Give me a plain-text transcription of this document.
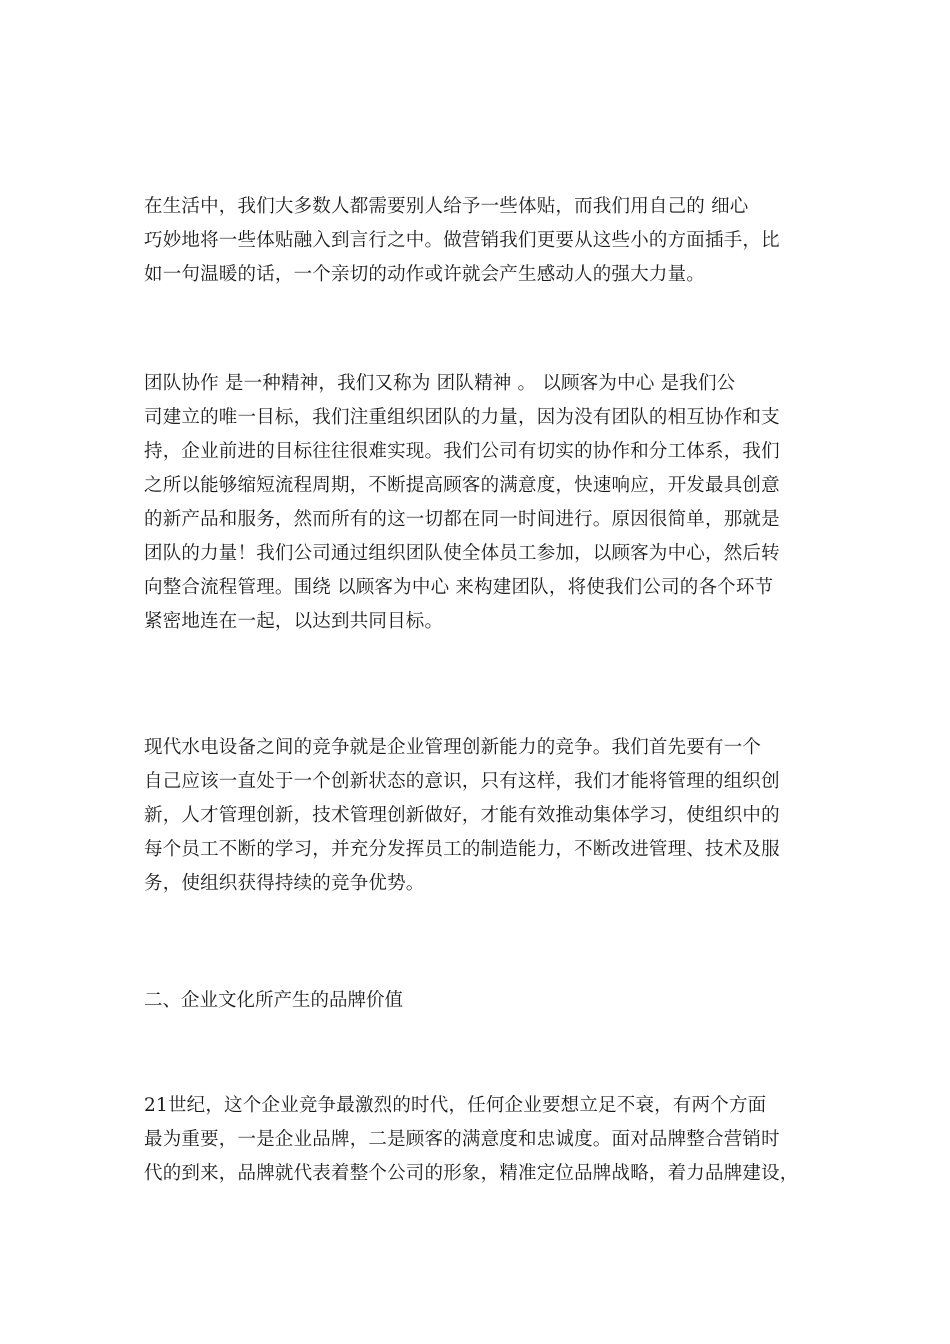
在生活中，我们大多数人都需要别人给予一些体贴，而我们用自己的 细心
巧妙地将一些体贴融入到言行之中。做营销我们更要从这些小的方面插手，比
如一句温暖的话，一个亲切的动作或许就会产生感动人的强大力量。
团队协作 是一种精神，我们又称为 团队精神 。 以顾客为中心 是我们公
司建立的唯一目标，我们注重组织团队的力量，因为没有团队的相互协作和支
持，企业前进的目标往往很难实现。我们公司有切实的协作和分工体系，我们
之所以能够缩短流程周期，不断提高顾客的满意度，快速响应，开发最具创意
的新产品和服务，然而所有的这一切都在同一时间进行。原因很简单，那就是
团队的力量！我们公司通过组织团队使全体员工参加，以顾客为中心，然后转
向整合流程管理。围绕 以顾客为中心 来构建团队，将使我们公司的各个环节
紧密地连在一起，以达到共同目标。
现代水电设备之间的竞争就是企业管理创新能力的竞争。我们首先要有一个
自己应该一直处于一个创新状态的意识，只有这样，我们才能将管理的组织创
新，人才管理创新，技术管理创新做好，才能有效推动集体学习，使组织中的
每个员工不断的学习，并充分发挥员工的制造能力，不断改进管理、技术及服
务，使组织获得持续的竞争优势。
二、企业文化所产生的品牌价值
21世纪，这个企业竞争最激烈的时代，任何企业要想立足不衰，有两个方面
最为重要，一是企业品牌，二是顾客的满意度和忠诚度。面对品牌整合营销时
代的到来，品牌就代表着整个公司的形象，精准定位品牌战略，着力品牌建设，
